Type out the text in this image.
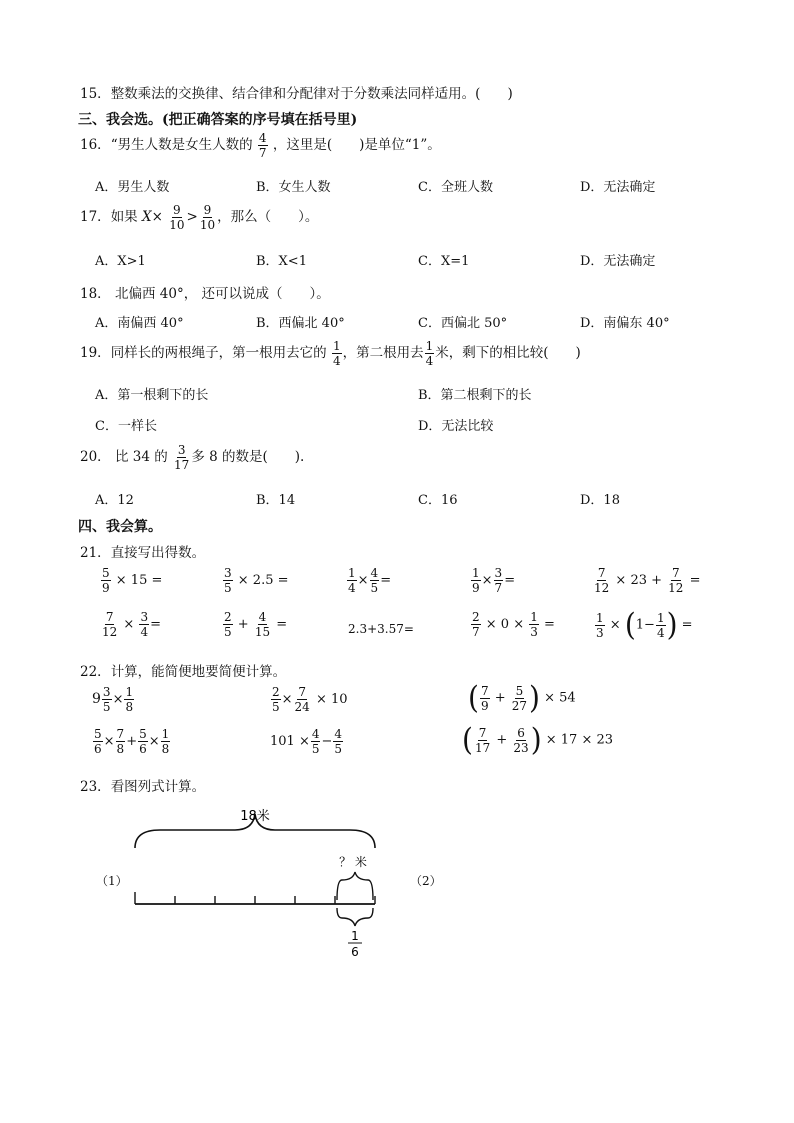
15．整数乘法的交换律、结合律和分配律对于分数乘法同样适用。(　　)
三、我会选。(把正确答案的序号填在括号里)
16．“男生人数是女生人数的 $\frac{4}{7}$ ，这里是(　　)是单位“1”。
A．男生人数	B．女生人数	C．全班人数	D．无法确定
17．如果 $X\times \frac{9}{10} > \frac{9}{10}$ ，那么（　　）。
A．X>1	B．X<1	C．X=1	D．无法确定
18． 北偏西 40°， 还可以说成（　　）。
A．南偏西 40°	B．西偏北 40°	C．西偏北 50°	D．南偏东 40°
19．同样长的两根绳子，第一根用去它的 $\frac{1}{4}$ ，第二根用去 $\frac{1}{4}$ 米，剩下的相比较(　　)
A．第一根剩下的长	B．第二根剩下的长
C．一样长	D．无法比较
20． 比 34 的 $\frac{3}{17}$ 多 8 的数是(　　).
A．12	B．14	C．16	D．18
四、我会算。
21．直接写出得数。
$\frac{5}{9} \times 15$ =	$\frac{3}{5} \times 2.5$ =	$\frac{1}{4} \times \frac{4}{5}$ =	$\frac{1}{9} \times \frac{3}{7}$ =	$\frac{7}{12} \times 23 + \frac{7}{12}$ =
$\frac{7}{12} \times \frac{3}{4}$ =	$\frac{2}{5} + \frac{4}{15}$ =	2.3+3.57=	$\frac{2}{7} \times 0 \times \frac{1}{3}$ =	$\frac{1}{3} \times (1- \frac{1}{4}$ ) =
22．计算，能简便地要简便计算。
$9 \frac{3}{5} \times \frac{1}{8}$	$\frac{2}{5} \times \frac{7}{24} \times 10$	( $\frac{7}{9} + \frac{5}{27}$ ) × 54
$\frac{5}{6} \times \frac{7}{8} + \frac{5}{6} \times \frac{1}{8}$	$101 \times \frac{4}{5} - \frac{4}{5}$	( $\frac{7}{17} + \frac{6}{23}$ ) × 17 × 23
23．看图列式计算。
（1）	（2）
18米
？ 米
1
6
